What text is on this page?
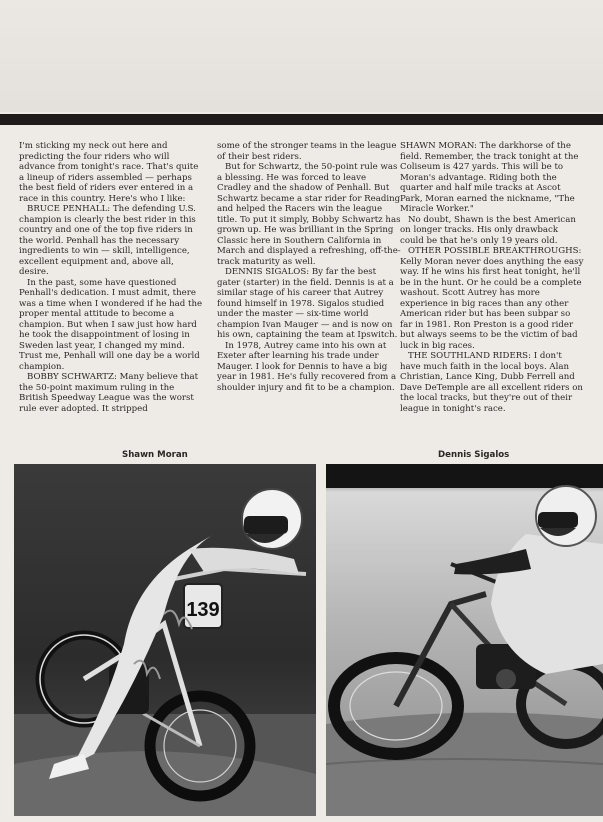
I'm sticking my neck out here and predicting the four riders who will advance from tonight's race. That's quite a lineup of riders assembled — perhaps the best field of riders ever entered in a race in this country. Here's who I like:

BRUCE PENHALL: The defending U.S. champion is clearly the best rider in this country and one of the top five riders in the world. Penhall has the necessary ingredients to win — skill, intelligence, excellent equipment and, above all, desire.

In the past, some have questioned Penhall's dedication. I must admit, there was a time when I wondered if he had the proper mental attitude to become a champion. But when I saw just how hard he took the disappointment of losing in Sweden last year, I changed my mind. Trust me, Penhall will one day be a world champion.

BOBBY SCHWARTZ: Many believe that the 50-point maximum ruling in the British Speedway League was the worst rule ever adopted. It stripped

some of the stronger teams in the league of their best riders.

But for Schwartz, the 50-point rule was a blessing. He was forced to leave Cradley and the shadow of Penhall. But Schwartz became a star rider for Reading and helped the Racers win the league title. To put it simply, Bobby Schwartz has grown up. He was brilliant in the Spring Classic here in Southern California in March and displayed a refreshing, off-the-track maturity as well.

DENNIS SIGALOS: By far the best gater (starter) in the field. Dennis is at a similar stage of his career that Autrey found himself in 1978. Sigalos studied under the master — six-time world champion Ivan Mauger — and is now on his own, captaining the team at Ipswitch.

In 1978, Autrey came into his own at Exeter after learning his trade under Mauger. I look for Dennis to have a big year in 1981. He's fully recovered from a shoulder injury and fit to be a champion.

SHAWN MORAN: The darkhorse of the field. Remember, the track tonight at the Coliseum is 427 yards. This will be to Moran's advantage. Riding both the quarter and half mile tracks at Ascot Park, Moran earned the nickname, "The Miracle Worker."

No doubt, Shawn is the best American on longer tracks. His only drawback could be that he's only 19 years old.

OTHER POSSIBLE BREAKTHROUGHS: Kelly Moran never does anything the easy way. If he wins his first heat tonight, he'll be in the hunt. Or he could be a complete washout. Scott Autrey has more experience in big races than any other American rider but has been subpar so far in 1981. Ron Preston is a good rider but always seems to be the victim of bad luck in big races.

THE SOUTHLAND RIDERS: I don't have much faith in the local boys. Alan Christian, Lance King, Dubb Ferrell and Dave DeTemple are all excellent riders on the local tracks, but they're out of their league in tonight's race.

Shawn Moran	Dennis Sigalos
139
